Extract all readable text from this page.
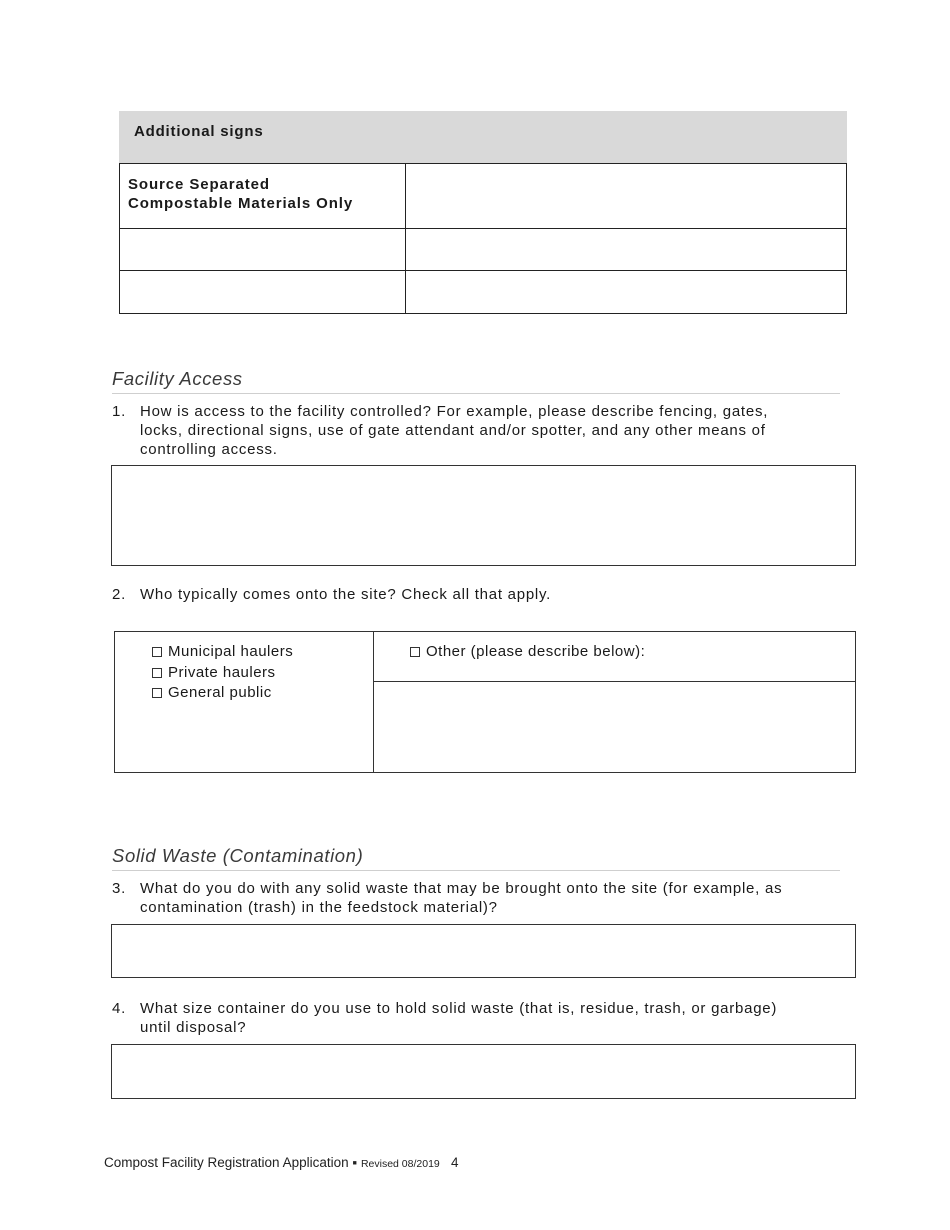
Additional signs
Source Separated
Compostable Materials Only
Facility Access
1. How is access to the facility controlled? For example, please describe fencing, gates,
locks, directional signs, use of gate attendant and/or spotter, and any other means of
controlling access.
2. Who typically comes onto the site? Check all that apply.
Municipal haulers
Private haulers
General public
Other (please describe below):
Solid Waste (Contamination)
3. What do you do with any solid waste that may be brought onto the site (for example, as
contamination (trash) in the feedstock material)?
4. What size container do you use to hold solid waste (that is, residue, trash, or garbage)
until disposal?
Compost Facility Registration Application ▪ Revised 08/2019 4
